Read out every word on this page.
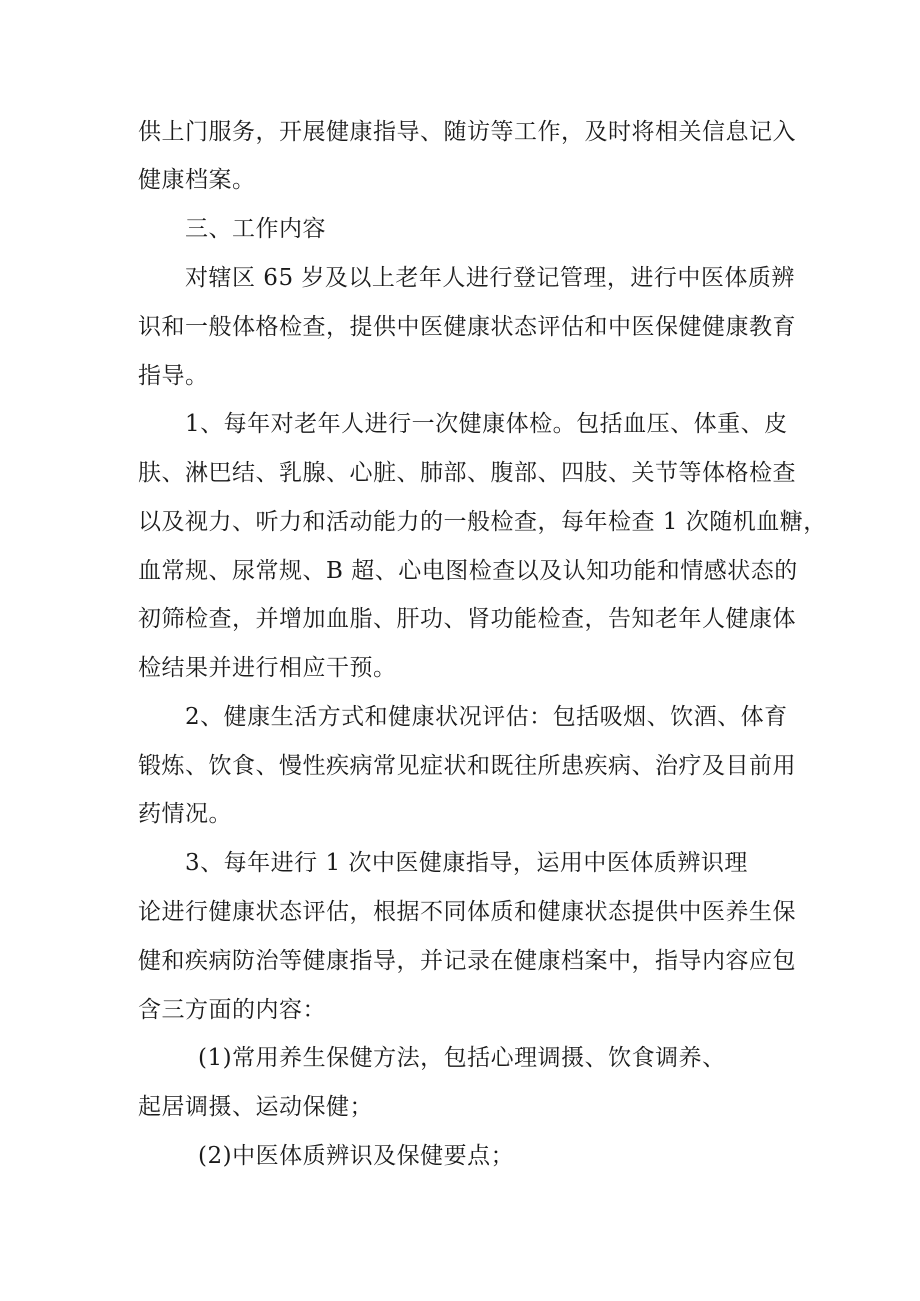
供上门服务，开展健康指导、随访等工作，及时将相关信息记入
健康档案。
三、工作内容
对辖区 65 岁及以上老年人进行登记管理，进行中医体质辨
识和一般体格检查，提供中医健康状态评估和中医保健健康教育
指导。
1、每年对老年人进行一次健康体检。包括血压、体重、皮
肤、淋巴结、乳腺、心脏、肺部、腹部、四肢、关节等体格检查
以及视力、听力和活动能力的一般检查，每年检查 1 次随机血糖，
血常规、尿常规、B 超、心电图检查以及认知功能和情感状态的
初筛检查，并增加血脂、肝功、肾功能检查，告知老年人健康体
检结果并进行相应干预。
2、健康生活方式和健康状况评估：包括吸烟、饮酒、体育
锻炼、饮食、慢性疾病常见症状和既往所患疾病、治疗及目前用
药情况。
3、每年进行 1 次中医健康指导，运用中医体质辨识理
论进行健康状态评估，根据不同体质和健康状态提供中医养生保
健和疾病防治等健康指导，并记录在健康档案中，指导内容应包
含三方面的内容：
(1)常用养生保健方法，包括心理调摄、饮食调养、
起居调摄、运动保健；
(2)中医体质辨识及保健要点；
